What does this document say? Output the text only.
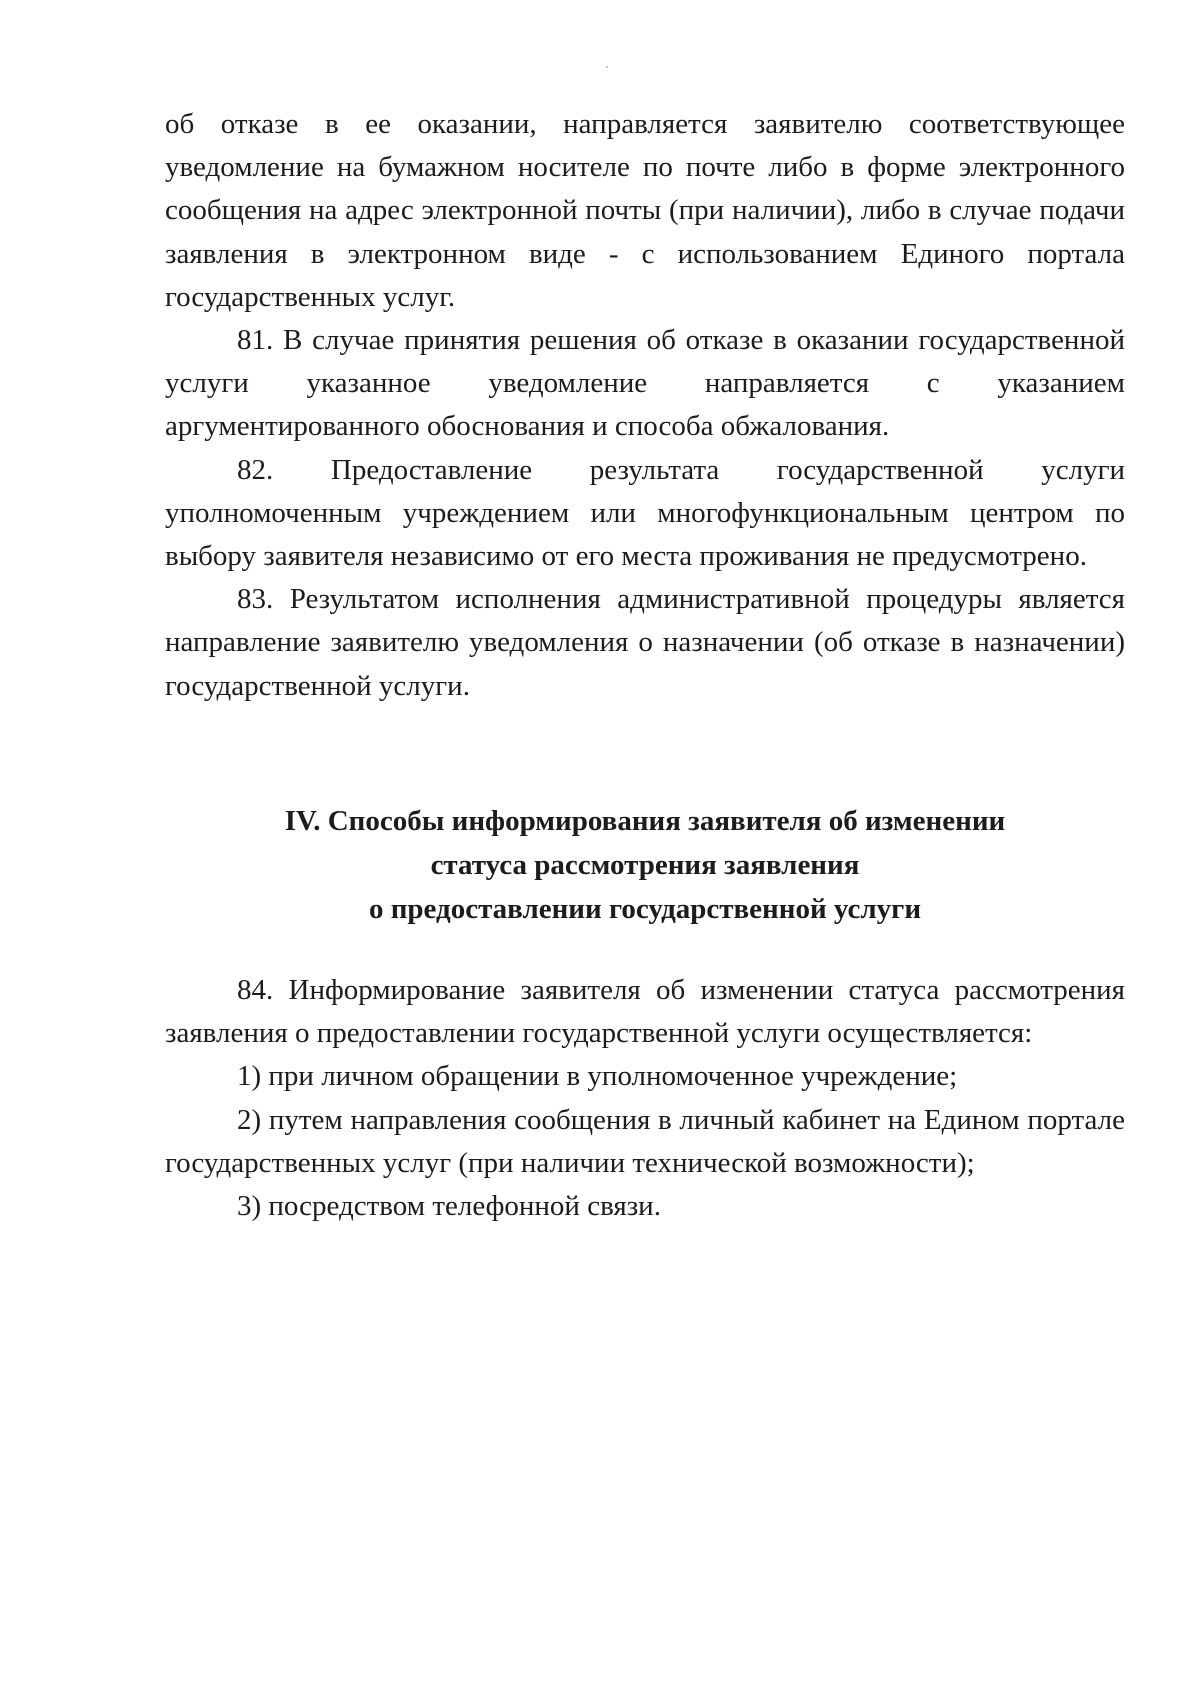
об отказе в ее оказании, направляется заявителю соответствующее уведомление на бумажном носителе по почте либо в форме электронного сообщения на адрес электронной почты (при наличии), либо в случае подачи заявления в электронном виде - с использованием Единого портала государственных услуг.

81. В случае принятия решения об отказе в оказании государственной услуги указанное уведомление направляется с указанием аргументированного обоснования и способа обжалования.

82. Предоставление результата государственной услуги уполномоченным учреждением или многофункциональным центром по выбору заявителя независимо от его места проживания не предусмотрено.

83. Результатом исполнения административной процедуры является направление заявителю уведомления о назначении (об отказе в назначении) государственной услуги.

IV. Способы информирования заявителя об изменении
статуса рассмотрения заявления
о предоставлении государственной услуги

84. Информирование заявителя об изменении статуса рассмотрения заявления о предоставлении государственной услуги осуществляется:

1) при личном обращении в уполномоченное учреждение;

2) путем направления сообщения в личный кабинет на Едином портале государственных услуг (при наличии технической возможности);

3) посредством телефонной связи.
